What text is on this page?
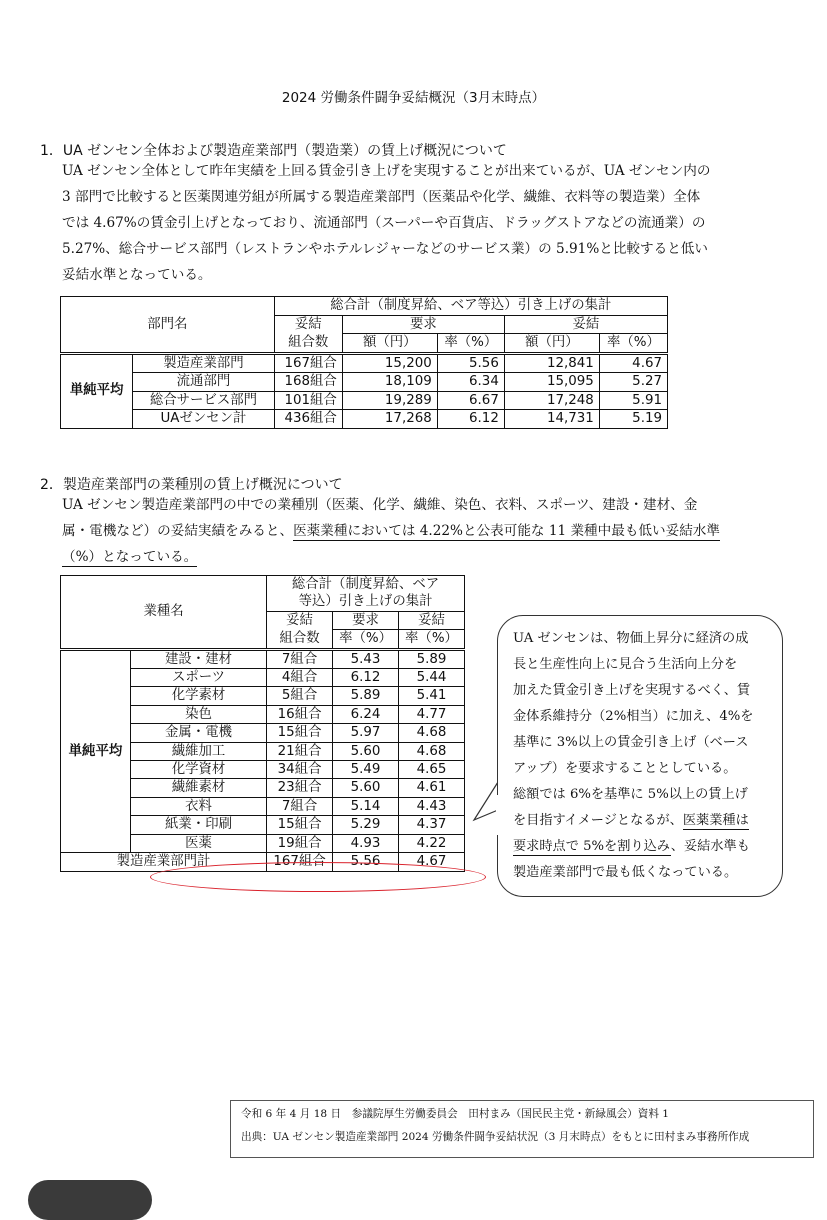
2024 労働条件闘争妥結概況（3月末時点）
1．UA ゼンセン全体および製造産業部門（製造業）の賃上げ概況について
UA ゼンセン全体として昨年実績を上回る賃金引き上げを実現することが出来ているが、UA ゼンセン内の
3 部門で比較すると医薬関連労組が所属する製造産業部門（医薬品や化学、繊維、衣料等の製造業）全体
では 4.67%の賃金引上げとなっており、流通部門（スーパーや百貨店、ドラッグストアなどの流通業）の
5.27%、総合サービス部門（レストランやホテルレジャーなどのサービス業）の 5.91%と比較すると低い
妥結水準となっている。
部門名		総合計（制度昇給、ベア等込）引き上げの集計				
		妥結	要求		妥結	
		組合数	額（円）	率（%）	額（円）	率（%）
単純平均	製造産業部門	167組合	15,200	5.56	12,841	4.67
	流通部門	168組合	18,109	6.34	15,095	5.27
	総合サービス部門	101組合	19,289	6.67	17,248	5.91
	UAゼンセン計	436組合	17,268	6.12	14,731	5.19
2．製造産業部門の業種別の賃上げ概況について
UA ゼンセン製造産業部門の中での業種別（医薬、化学、繊維、染色、衣料、スポーツ、建設・建材、金
属・電機など）の妥結実績をみると、医薬業種においては 4.22%と公表可能な 11 業種中最も低い妥結水準
（%）となっている。
業種名		総合計（制度昇給、ベア		
		等込）引き上げの集計		
		妥結	要求	妥結
		組合数	率（%）	率（%）
単純平均	建設・建材	7組合	5.43	5.89
	スポーツ	4組合	6.12	5.44
	化学素材	5組合	5.89	5.41
	染色	16組合	6.24	4.77
	金属・電機	15組合	5.97	4.68
	繊維加工	21組合	5.60	4.68
	化学資材	34組合	5.49	4.65
	繊維素材	23組合	5.60	4.61
	衣料	7組合	5.14	4.43
	紙業・印刷	15組合	5.29	4.37
	医薬	19組合	4.93	4.22
製造産業部門計		167組合	5.56	4.67
UA ゼンセンは、物価上昇分に経済の成
長と生産性向上に見合う生活向上分を
加えた賃金引き上げを実現するべく、賃
金体系維持分（2%相当）に加え、4%を
基準に 3%以上の賃金引き上げ（ベース
アップ）を要求することとしている。
総額では 6%を基準に 5%以上の賃上げ
を目指すイメージとなるが、医薬業種は
要求時点で 5%を割り込み、妥結水準も
製造産業部門で最も低くなっている。
令和 6 年 4 月 18 日　参議院厚生労働委員会　田村まみ（国民民主党・新緑風会）資料 1
出典：UA ゼンセン製造産業部門 2024 労働条件闘争妥結状況（3 月末時点）をもとに田村まみ事務所作成
